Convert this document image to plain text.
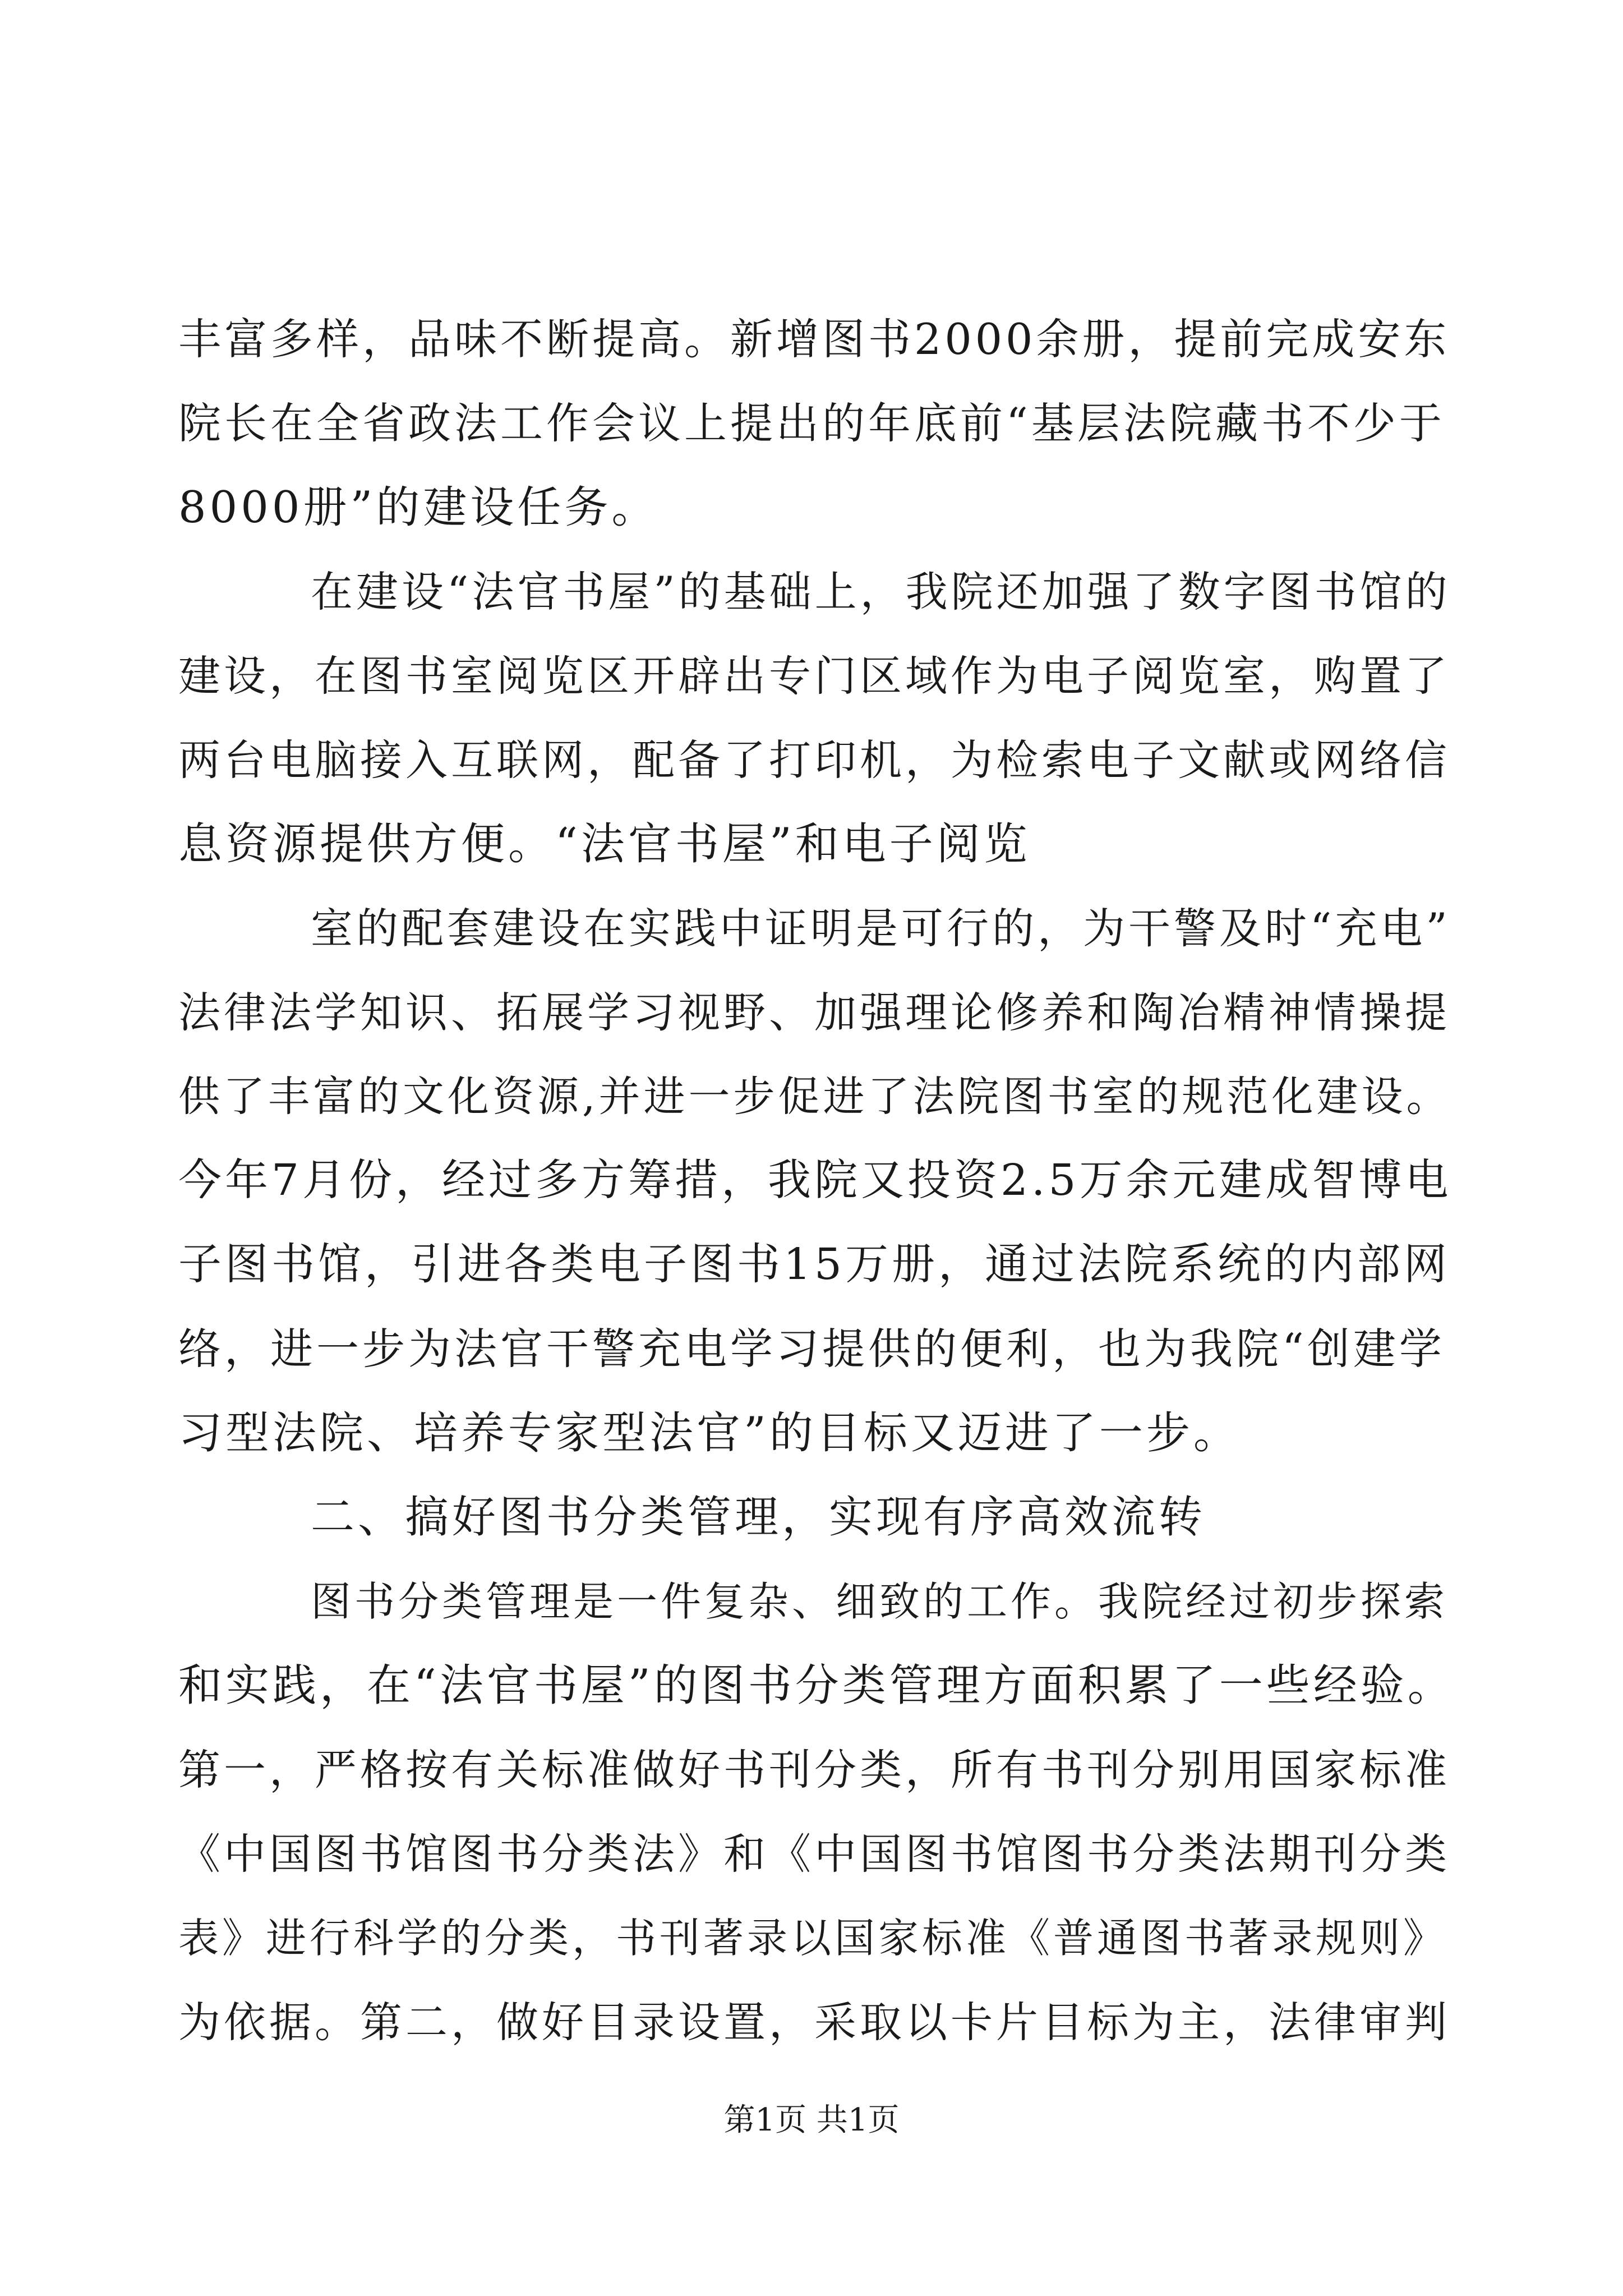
丰富多样，品味不断提高。新增图书2000余册，提前完成安东
院长在全省政法工作会议上提出的年底前“基层法院藏书不少于
8000册”的建设任务。
在建设“法官书屋”的基础上，我院还加强了数字图书馆的
建设，在图书室阅览区开辟出专门区域作为电子阅览室，购置了
两台电脑接入互联网，配备了打印机，为检索电子文献或网络信
息资源提供方便。“法官书屋”和电子阅览
室的配套建设在实践中证明是可行的，为干警及时“充电”
法律法学知识、拓展学习视野、加强理论修养和陶冶精神情操提
供了丰富的文化资源,并进一步促进了法院图书室的规范化建设。
今年7月份，经过多方筹措，我院又投资2.5万余元建成智博电
子图书馆，引进各类电子图书15万册，通过法院系统的内部网
络，进一步为法官干警充电学习提供的便利，也为我院“创建学
习型法院、培养专家型法官”的目标又迈进了一步。
二、搞好图书分类管理，实现有序高效流转
图书分类管理是一件复杂、细致的工作。我院经过初步探索
和实践，在“法官书屋”的图书分类管理方面积累了一些经验。
第一，严格按有关标准做好书刊分类，所有书刊分别用国家标准
《中国图书馆图书分类法》和《中国图书馆图书分类法期刊分类
表》进行科学的分类，书刊著录以国家标准《普通图书著录规则》
为依据。第二，做好目录设置，采取以卡片目标为主，法律审判
第1页 共1页
